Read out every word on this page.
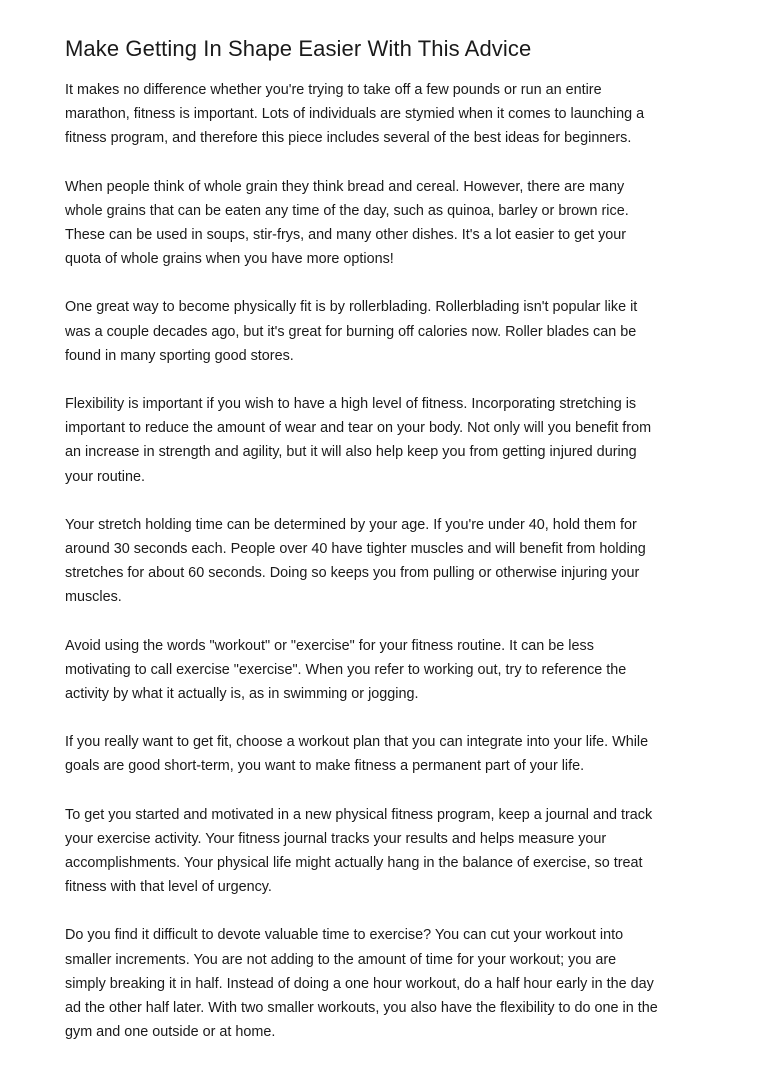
Make Getting In Shape Easier With This Advice
It makes no difference whether you're trying to take off a few pounds or run an entire
marathon, fitness is important. Lots of individuals are stymied when it comes to launching a
fitness program, and therefore this piece includes several of the best ideas for beginners.
When people think of whole grain they think bread and cereal. However, there are many
whole grains that can be eaten any time of the day, such as quinoa, barley or brown rice.
These can be used in soups, stir-frys, and many other dishes. It's a lot easier to get your
quota of whole grains when you have more options!
One great way to become physically fit is by rollerblading. Rollerblading isn't popular like it
was a couple decades ago, but it's great for burning off calories now. Roller blades can be
found in many sporting good stores.
Flexibility is important if you wish to have a high level of fitness. Incorporating stretching is
important to reduce the amount of wear and tear on your body. Not only will you benefit from
an increase in strength and agility, but it will also help keep you from getting injured during
your routine.
Your stretch holding time can be determined by your age. If you're under 40, hold them for
around 30 seconds each. People over 40 have tighter muscles and will benefit from holding
stretches for about 60 seconds. Doing so keeps you from pulling or otherwise injuring your
muscles.
Avoid using the words "workout" or "exercise" for your fitness routine. It can be less
motivating to call exercise "exercise". When you refer to working out, try to reference the
activity by what it actually is, as in swimming or jogging.
If you really want to get fit, choose a workout plan that you can integrate into your life. While
goals are good short-term, you want to make fitness a permanent part of your life.
To get you started and motivated in a new physical fitness program, keep a journal and track
your exercise activity. Your fitness journal tracks your results and helps measure your
accomplishments. Your physical life might actually hang in the balance of exercise, so treat
fitness with that level of urgency.
Do you find it difficult to devote valuable time to exercise? You can cut your workout into
smaller increments. You are not adding to the amount of time for your workout; you are
simply breaking it in half. Instead of doing a one hour workout, do a half hour early in the day
ad the other half later. With two smaller workouts, you also have the flexibility to do one in the
gym and one outside or at home.
